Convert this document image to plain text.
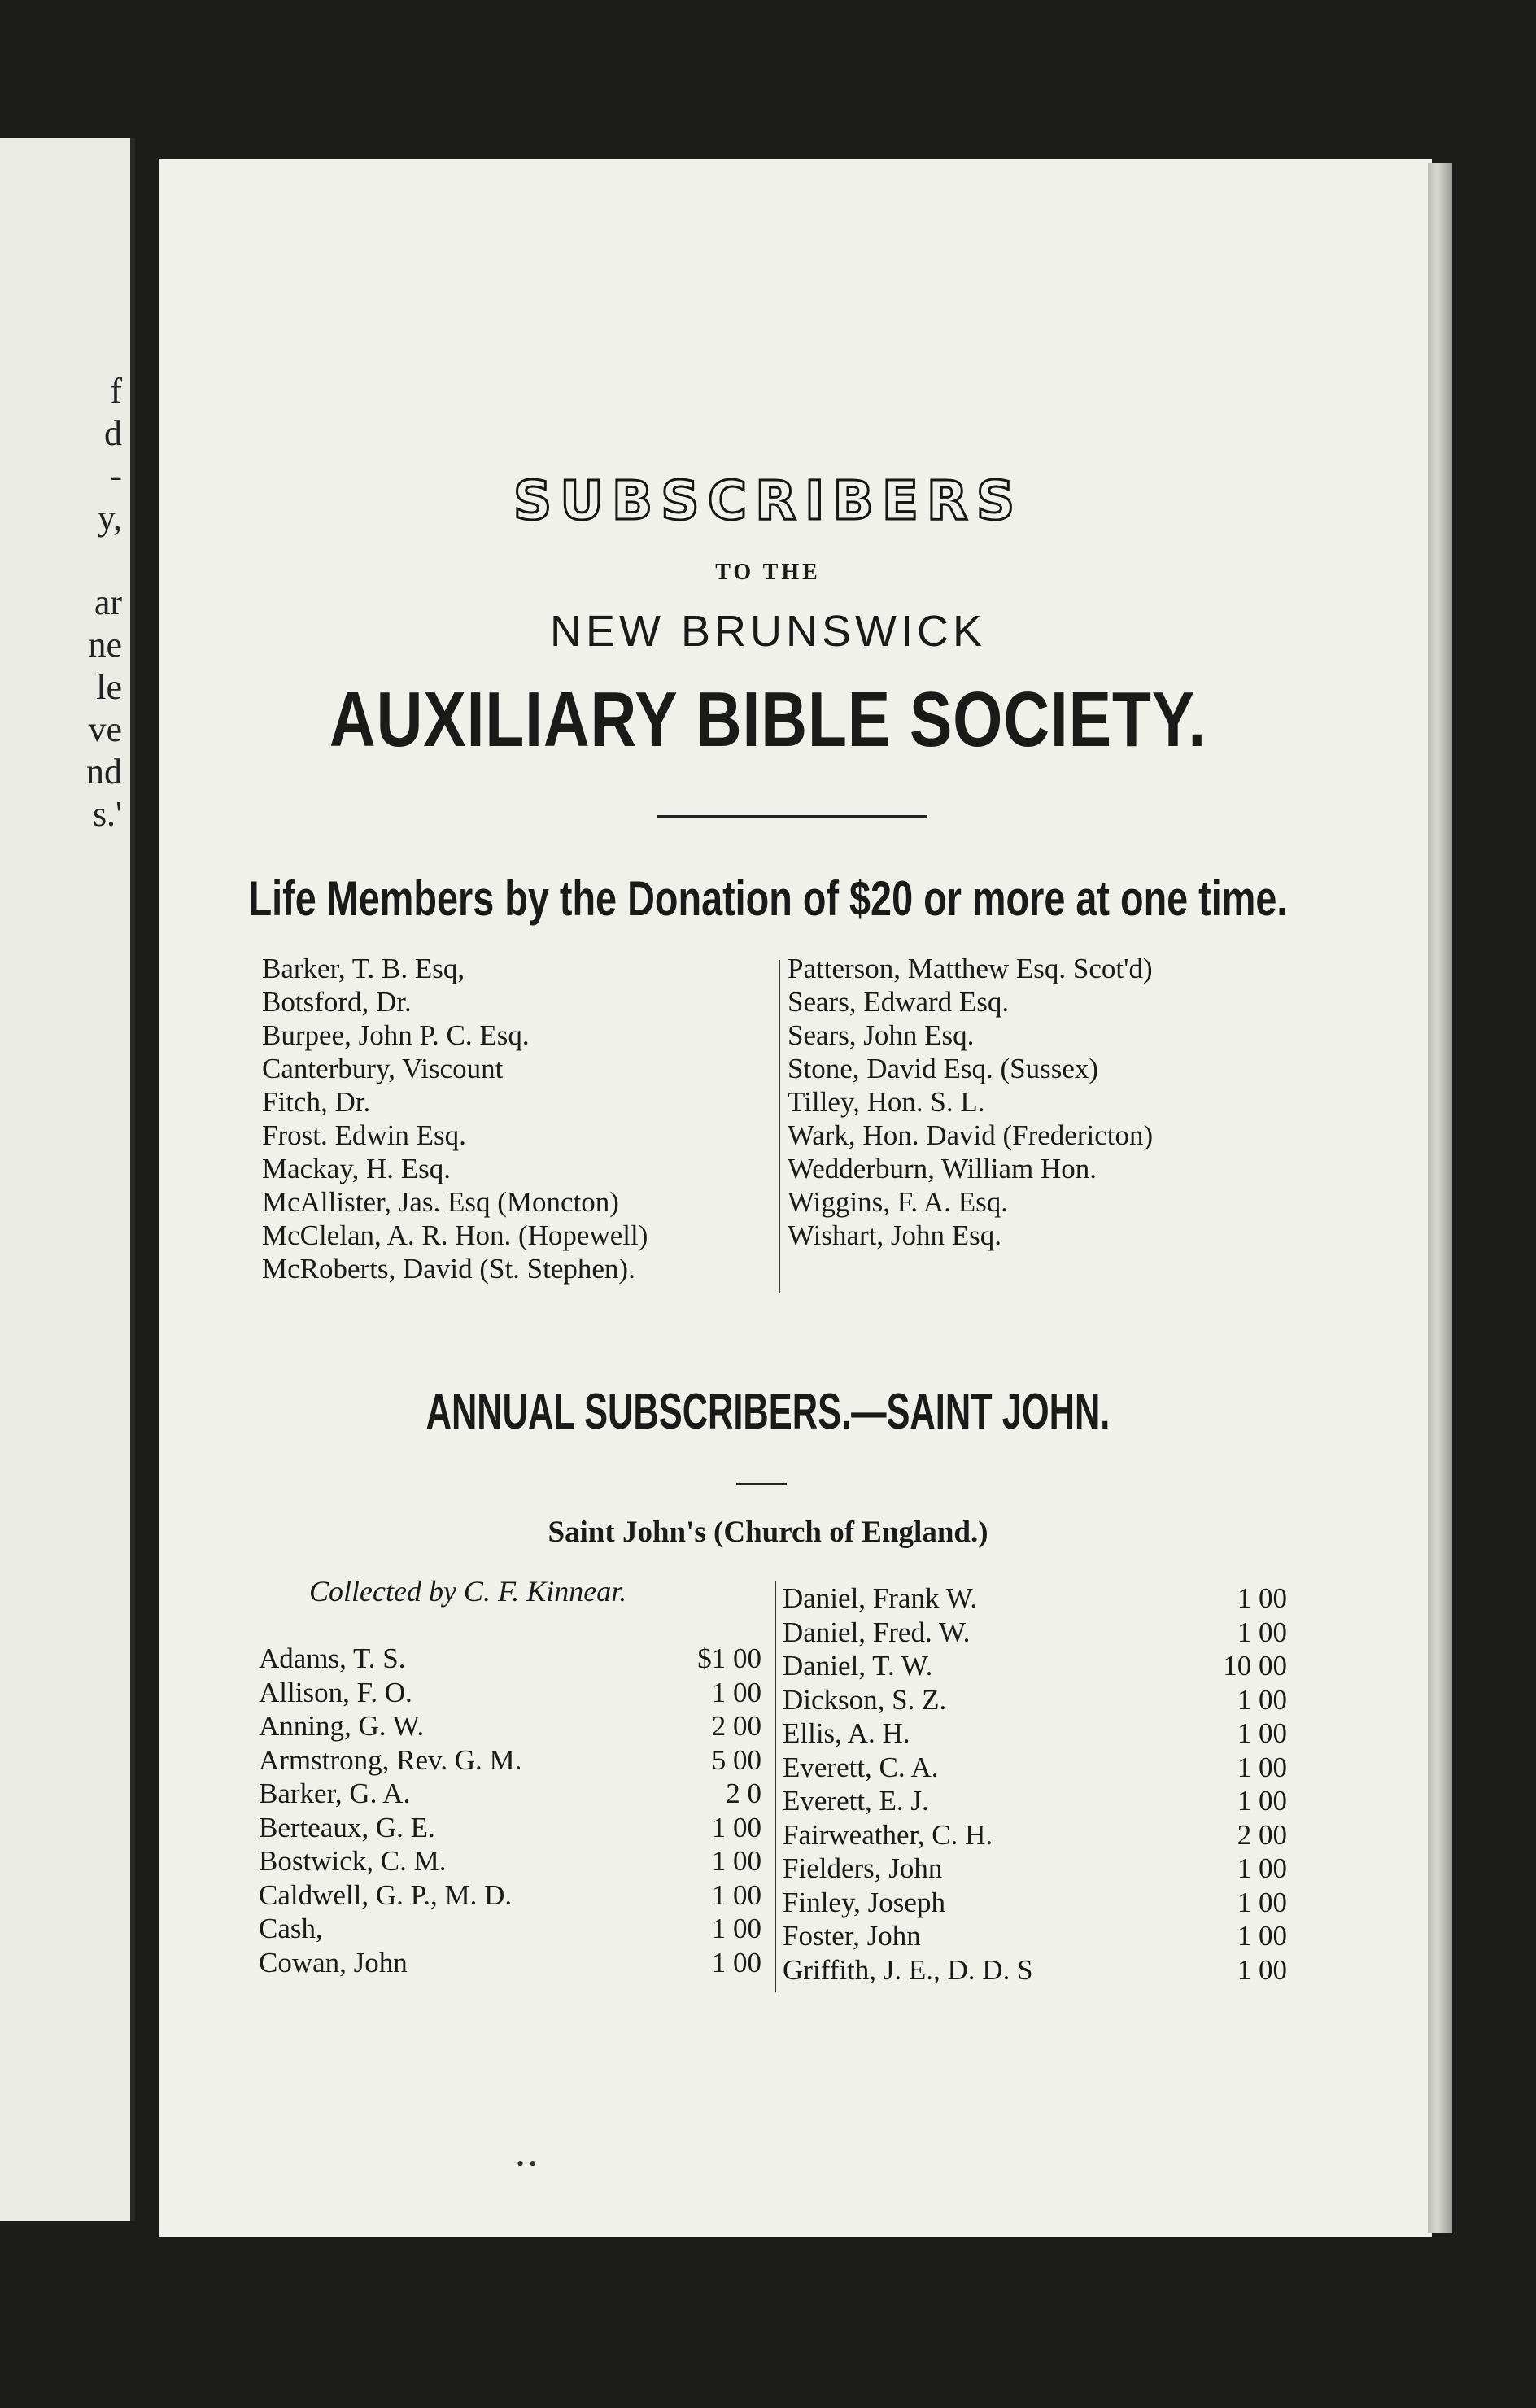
f
d
-
y,
ar
ne
le
ve
nd
s.'
SUBSCRIBERS
TO THE
NEW BRUNSWICK
AUXILIARY BIBLE SOCIETY.
Life Members by the Donation of $20 or more at one time.
Barker, T. B. Esq,
Botsford, Dr.
Burpee, John P. C. Esq.
Canterbury, Viscount
Fitch, Dr.
Frost. Edwin Esq.
Mackay, H. Esq.
McAllister, Jas. Esq (Moncton)
McClelan, A. R. Hon. (Hopewell)
McRoberts, David (St. Stephen).
Patterson, Matthew Esq. Scot'd)
Sears, Edward Esq.
Sears, John Esq.
Stone, David Esq. (Sussex)
Tilley, Hon. S. L.
Wark, Hon. David (Fredericton)
Wedderburn, William Hon.
Wiggins, F. A. Esq.
Wishart, John Esq.
ANNUAL SUBSCRIBERS.—SAINT JOHN.
Saint John's (Church of England.)
Collected by C. F. Kinnear.
Adams, T. S.	$1 00
Allison, F. O.	1 00
Anning, G. W.	2 00
Armstrong, Rev. G. M.	5 00
Barker, G. A.	2 0
Berteaux, G. E.	1 00
Bostwick, C. M.	1 00
Caldwell, G. P., M. D.	1 00
Cash,	1 00
Cowan, John	1 00
Daniel, Frank W.	1 00
Daniel, Fred. W.	1 00
Daniel, T. W.	10 00
Dickson, S. Z.	1 00
Ellis, A. H.	1 00
Everett, C. A.	1 00
Everett, E. J.	1 00
Fairweather, C. H.	2 00
Fielders, John	1 00
Finley, Joseph	1 00
Foster, John	1 00
Griffith, J. E., D. D. S	1 00
••
